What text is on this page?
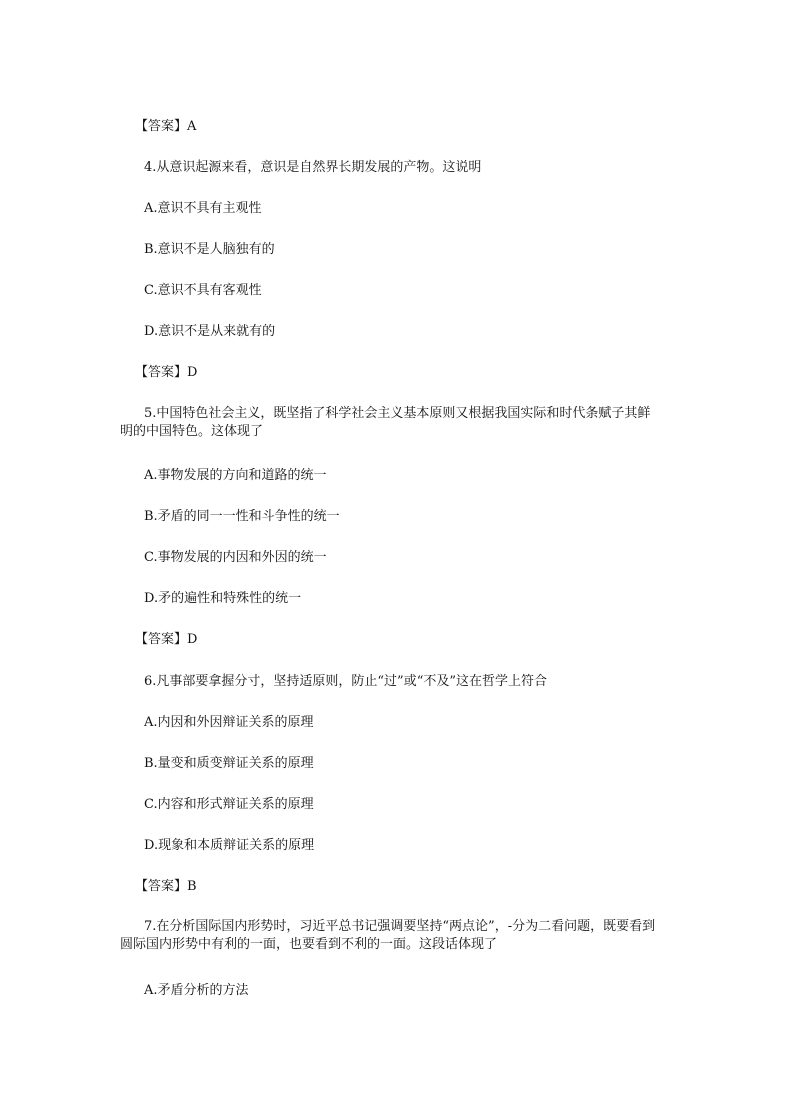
【答案】A
4.从意识起源来看，意识是自然界长期发展的产物。这说明
A.意识不具有主观性
B.意识不是人脑独有的
C.意识不具有客观性
D.意识不是从来就有的
【答案】D
5.中国特色社会主义，既坚指了科学社会主义基本原则又根据我国实际和时代条赋子其鲜明的中国特色。这体现了
A.事物发展的方向和道路的统一
B.矛盾的同一一性和斗争性的统一
C.事物发展的内因和外因的统一
D.矛的遍性和特殊性的统一
【答案】D
6.凡事部要拿握分寸，坚持适原则，防止“过”或“不及”这在哲学上符合
A.内因和外因辩证关系的原理
B.量变和质变辩证关系的原理
C.内容和形式辩证关系的原理
D.现象和本质辩证关系的原理
【答案】B
7.在分析国际国内形势时，习近平总书记强调要坚持“两点论”，-分为二看问题，既要看到圆际国内形势中有利的一面，也要看到不利的一面。这段话体现了
A.矛盾分析的方法
